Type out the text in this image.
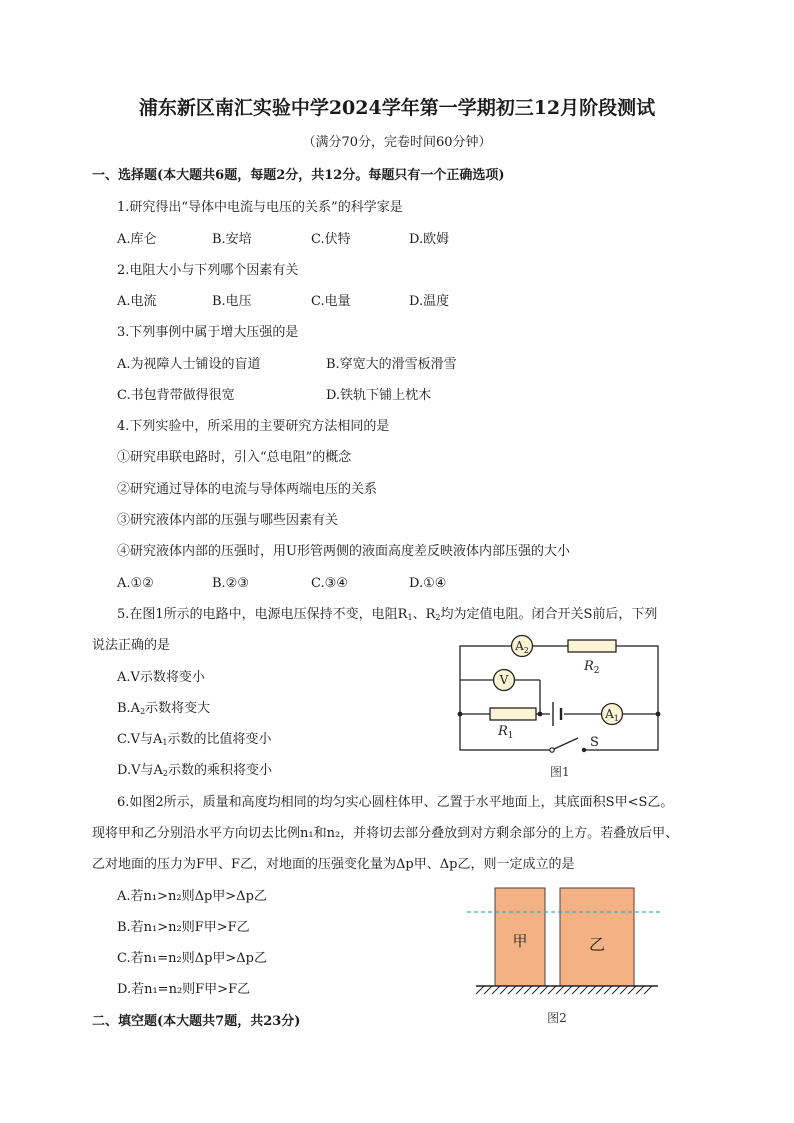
浦东新区南汇实验中学2024学年第一学期初三12月阶段测试
（满分70分，完卷时间60分钟）
一、选择题(本大题共6题，每题2分，共12分。每题只有一个正确选项)
1.研究得出“导体中电流与电压的关系”的科学家是
A.库仑	B.安培	C.伏特	D.欧姆
2.电阻大小与下列哪个因素有关
A.电流	B.电压	C.电量	D.温度
3.下列事例中属于增大压强的是
A.为视障人士铺设的盲道	B.穿宽大的滑雪板滑雪
C.书包背带做得很宽	D.铁轨下铺上枕木
4.下列实验中，所采用的主要研究方法相同的是
①研究串联电路时，引入“总电阻”的概念
②研究通过导体的电流与导体两端电压的关系
③研究液体内部的压强与哪些因素有关
④研究液体内部的压强时，用U形管两侧的液面高度差反映液体内部压强的大小
A.①②	B.②③	C.③④	D.①④
5.在图1所示的电路中，电源电压保持不变，电阻$R_1$、$R_2$均为定值电阻。闭合开关S前后，下列
说法正确的是
A.V示数将变小
$B.A_2$示数将变大
C.V与$A_1$示数的比值将变小
D.V与$A_2$示数的乘积将变小
$A_2$
$R_2$
V
$R_1$
$A_1$
S
图1
6.如图2所示，质量和高度均相同的均匀实心圆柱体甲、乙置于水平地面上，其底面积S甲<S乙。
现将甲和乙分别沿水平方向切去比例n₁和n₂，并将切去部分叠放到对方剩余部分的上方。若叠放后甲、
乙对地面的压力为F甲、F乙，对地面的压强变化量为Δp甲、Δp乙，则一定成立的是
A.若n₁>n₂则Δp甲>Δp乙
B.若n₁>n₂则F甲>F乙
C.若n₁=n₂则Δp甲>Δp乙
D.若n₁=n₂则F甲>F乙
甲	乙
图2
二、填空题(本大题共7题，共23分)
